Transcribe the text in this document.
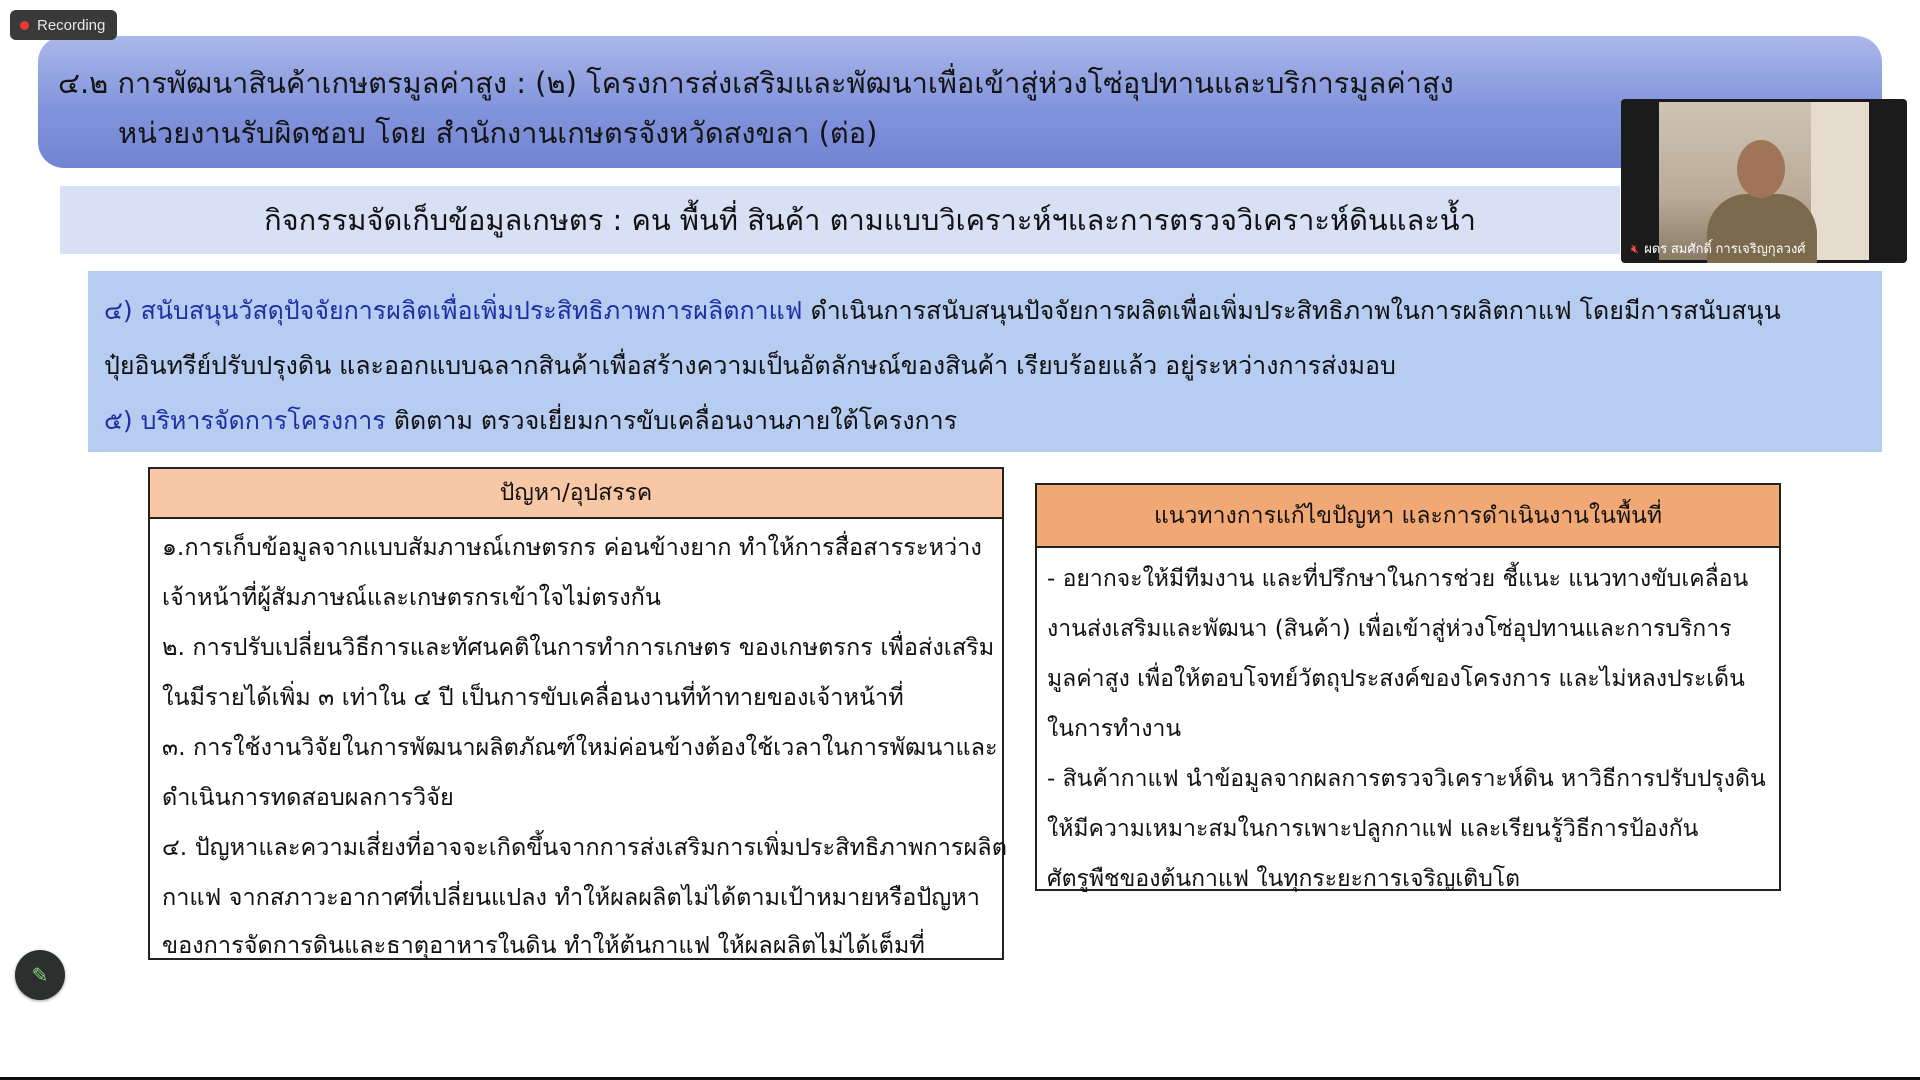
Recording
๔.๒ การพัฒนาสินค้าเกษตรมูลค่าสูง : (๒) โครงการส่งเสริมและพัฒนาเพื่อเข้าสู่ห่วงโซ่อุปทานและบริการมูลค่าสูง
หน่วยงานรับผิดชอบ โดย สำนักงานเกษตรจังหวัดสงขลา (ต่อ)
กิจกรรมจัดเก็บข้อมูลเกษตร : คน พื้นที่ สินค้า ตามแบบวิเคราะห์ฯและการตรวจวิเคราะห์ดินและน้ำ
๔) สนับสนุนวัสดุปัจจัยการผลิตเพื่อเพิ่มประสิทธิภาพการผลิตกาแฟ ดำเนินการสนับสนุนปัจจัยการผลิตเพื่อเพิ่มประสิทธิภาพในการผลิตกาแฟ โดยมีการสนับสนุน
ปุ๋ยอินทรีย์ปรับปรุงดิน และออกแบบฉลากสินค้าเพื่อสร้างความเป็นอัตลักษณ์ของสินค้า เรียบร้อยแล้ว อยู่ระหว่างการส่งมอบ
๕) บริหารจัดการโครงการ ติดตาม ตรวจเยี่ยมการขับเคลื่อนงานภายใต้โครงการ
ปัญหา/อุปสรรค
๑.การเก็บข้อมูลจากแบบสัมภาษณ์เกษตรกร ค่อนข้างยาก ทำให้การสื่อสารระหว่าง
เจ้าหน้าที่ผู้สัมภาษณ์และเกษตรกรเข้าใจไม่ตรงกัน
๒. การปรับเปลี่ยนวิธีการและทัศนคติในการทำการเกษตร ของเกษตรกร เพื่อส่งเสริม
ในมีรายได้เพิ่ม ๓ เท่าใน ๔ ปี เป็นการขับเคลื่อนงานที่ท้าทายของเจ้าหน้าที่
๓. การใช้งานวิจัยในการพัฒนาผลิตภัณฑ์ใหม่ค่อนข้างต้องใช้เวลาในการพัฒนาและ
ดำเนินการทดสอบผลการวิจัย
๔. ปัญหาและความเสี่ยงที่อาจจะเกิดขึ้นจากการส่งเสริมการเพิ่มประสิทธิภาพการผลิต
กาแฟ จากสภาวะอากาศที่เปลี่ยนแปลง ทำให้ผลผลิตไม่ได้ตามเป้าหมายหรือปัญหา
ของการจัดการดินและธาตุอาหารในดิน ทำให้ต้นกาแฟ ให้ผลผลิตไม่ได้เต็มที่
แนวทางการแก้ไขปัญหา และการดำเนินงานในพื้นที่
- อยากจะให้มีทีมงาน และที่ปรึกษาในการช่วย ชี้แนะ แนวทางขับเคลื่อน
งานส่งเสริมและพัฒนา (สินค้า) เพื่อเข้าสู่ห่วงโซ่อุปทานและการบริการ
มูลค่าสูง เพื่อให้ตอบโจทย์วัตถุประสงค์ของโครงการ และไม่หลงประเด็น
ในการทำงาน
- สินค้ากาแฟ นำข้อมูลจากผลการตรวจวิเคราะห์ดิน หาวิธีการปรับปรุงดิน
ให้มีความเหมาะสมในการเพาะปลูกกาแฟ และเรียนรู้วิธีการป้องกัน
ศัตรูพืชของต้นกาแฟ ในทุกระยะการเจริญเติบโต
🔇︎ ผดร สมศักดิ์ การเจริญกุลวงศ์
✎
